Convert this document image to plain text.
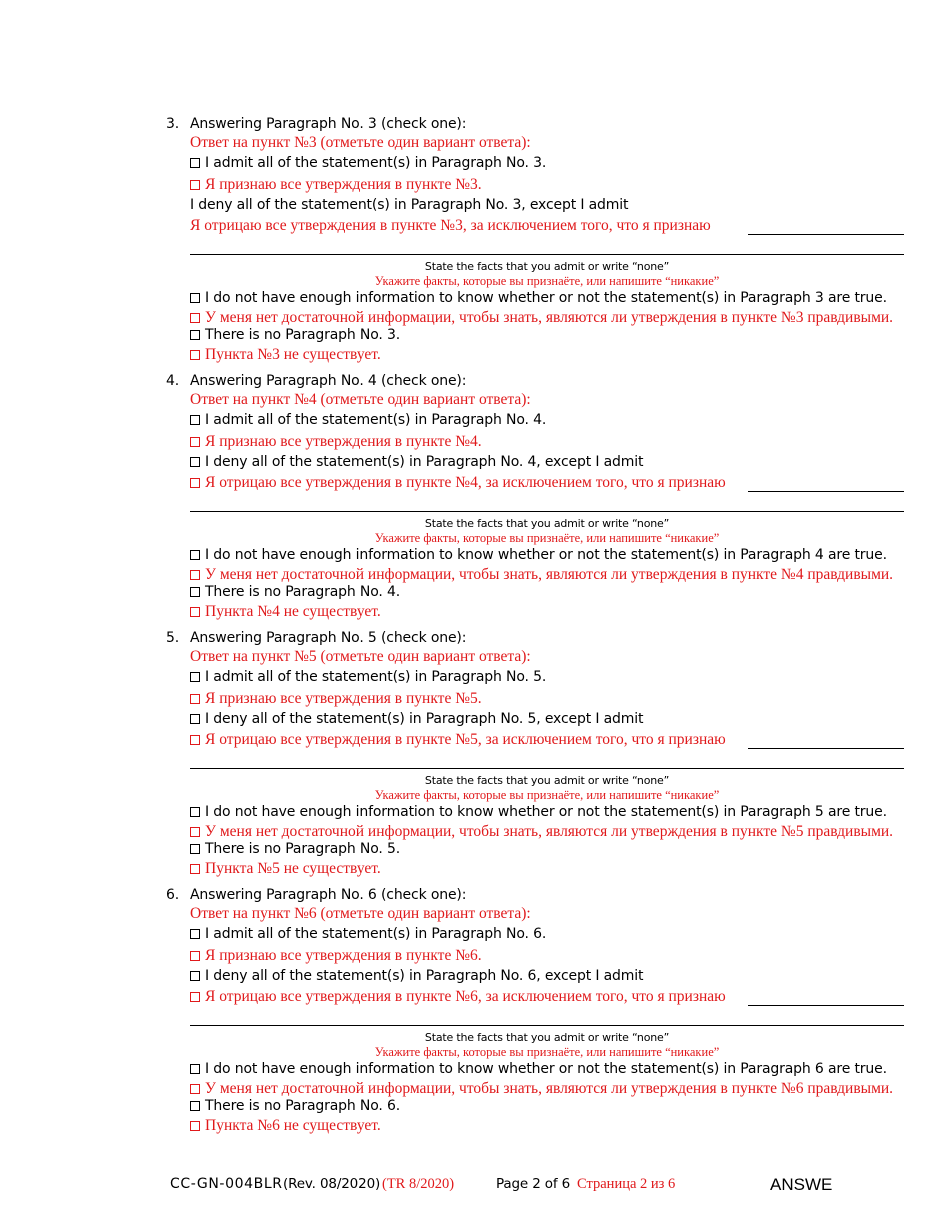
3. Answering Paragraph No. 3 (check one):
Ответ на пункт №3 (отметьте один вариант ответа):
I admit all of the statement(s) in Paragraph No. 3.
Я признаю все утверждения в пункте №3.
I deny all of the statement(s) in Paragraph No. 3, except I admit
Я отрицаю все утверждения в пункте №3, за исключением того, что я признаю
State the facts that you admit or write “none”
Укажите факты, которые вы признаёте, или напишите “никакие”
I do not have enough information to know whether or not the statement(s) in Paragraph 3 are true.
У меня нет достаточной информации, чтобы знать, являются ли утверждения в пункте №3 правдивыми.
There is no Paragraph No. 3.
Пункта №3 не существует.
4. Answering Paragraph No. 4 (check one):
Ответ на пункт №4 (отметьте один вариант ответа):
I admit all of the statement(s) in Paragraph No. 4.
Я признаю все утверждения в пункте №4.
I deny all of the statement(s) in Paragraph No. 4, except I admit
Я отрицаю все утверждения в пункте №4, за исключением того, что я признаю
State the facts that you admit or write “none”
Укажите факты, которые вы признаёте, или напишите “никакие”
I do not have enough information to know whether or not the statement(s) in Paragraph 4 are true.
У меня нет достаточной информации, чтобы знать, являются ли утверждения в пункте №4 правдивыми.
There is no Paragraph No. 4.
Пункта №4 не существует.
5. Answering Paragraph No. 5 (check one):
Ответ на пункт №5 (отметьте один вариант ответа):
I admit all of the statement(s) in Paragraph No. 5.
Я признаю все утверждения в пункте №5.
I deny all of the statement(s) in Paragraph No. 5, except I admit
Я отрицаю все утверждения в пункте №5, за исключением того, что я признаю
State the facts that you admit or write “none”
Укажите факты, которые вы признаёте, или напишите “никакие”
I do not have enough information to know whether or not the statement(s) in Paragraph 5 are true.
У меня нет достаточной информации, чтобы знать, являются ли утверждения в пункте №5 правдивыми.
There is no Paragraph No. 5.
Пункта №5 не существует.
6. Answering Paragraph No. 6 (check one):
Ответ на пункт №6 (отметьте один вариант ответа):
I admit all of the statement(s) in Paragraph No. 6.
Я признаю все утверждения в пункте №6.
I deny all of the statement(s) in Paragraph No. 6, except I admit
Я отрицаю все утверждения в пункте №6, за исключением того, что я признаю
State the facts that you admit or write “none”
Укажите факты, которые вы признаёте, или напишите “никакие”
I do not have enough information to know whether or not the statement(s) in Paragraph 6 are true.
У меня нет достаточной информации, чтобы знать, являются ли утверждения в пункте №6 правдивыми.
There is no Paragraph No. 6.
Пункта №6 не существует.
CC-GN-004BLR (Rev. 08/2020) (TR 8/2020)	Page 2 of 6 Страница 2 из 6	ANSWE
